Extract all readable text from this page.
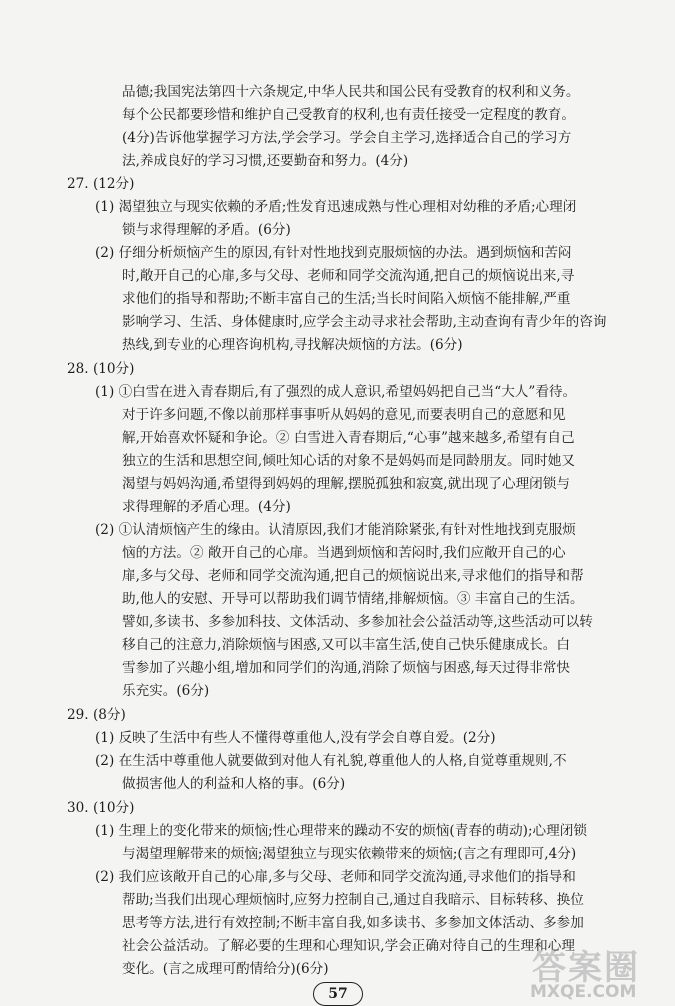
品德;我国宪法第四十六条规定,中华人民共和国公民有受教育的权利和义务。
每个公民都要珍惜和维护自己受教育的权利,也有责任接受一定程度的教育。
(4分)告诉他掌握学习方法,学会学习。学会自主学习,选择适合自己的学习方
法,养成良好的学习习惯,还要勤奋和努力。(4分)
27. (12分)
(1) 渴望独立与现实依赖的矛盾;性发育迅速成熟与性心理相对幼稚的矛盾;心理闭
锁与求得理解的矛盾。(6分)
(2) 仔细分析烦恼产生的原因,有针对性地找到克服烦恼的办法。遇到烦恼和苦闷
时,敞开自己的心扉,多与父母、老师和同学交流沟通,把自己的烦恼说出来,寻
求他们的指导和帮助;不断丰富自己的生活;当长时间陷入烦恼不能排解,严重
影响学习、生活、身体健康时,应学会主动寻求社会帮助,主动查询有青少年的咨询
热线,到专业的心理咨询机构,寻找解决烦恼的方法。(6分)
28. (10分)
(1) ①白雪在进入青春期后,有了强烈的成人意识,希望妈妈把自己当“大人”看待。
对于许多问题,不像以前那样事事听从妈妈的意见,而要表明自己的意愿和见
解,开始喜欢怀疑和争论。② 白雪进入青春期后,“心事”越来越多,希望有自己
独立的生活和思想空间,倾吐知心话的对象不是妈妈而是同龄朋友。同时她又
渴望与妈妈沟通,希望得到妈妈的理解,摆脱孤独和寂寞,就出现了心理闭锁与
求得理解的矛盾心理。(4分)
(2) ①认清烦恼产生的缘由。认清原因,我们才能消除紧张,有针对性地找到克服烦
恼的方法。② 敞开自己的心扉。当遇到烦恼和苦闷时,我们应敞开自己的心
扉,多与父母、老师和同学交流沟通,把自己的烦恼说出来,寻求他们的指导和帮
助,他人的安慰、开导可以帮助我们调节情绪,排解烦恼。③ 丰富自己的生活。
譬如,多读书、多参加科技、文体活动、多参加社会公益活动等,这些活动可以转
移自己的注意力,消除烦恼与困惑,又可以丰富生活,使自己快乐健康成长。白
雪参加了兴趣小组,增加和同学们的沟通,消除了烦恼与困惑,每天过得非常快
乐充实。(6分)
29. (8分)
(1) 反映了生活中有些人不懂得尊重他人,没有学会自尊自爱。(2分)
(2) 在生活中尊重他人就要做到对他人有礼貌,尊重他人的人格,自觉尊重规则,不
做损害他人的利益和人格的事。(6分)
30. (10分)
(1) 生理上的变化带来的烦恼;性心理带来的躁动不安的烦恼(青春的萌动);心理闭锁
与渴望理解带来的烦恼;渴望独立与现实依赖带来的烦恼;(言之有理即可,4分)
(2) 我们应该敞开自己的心扉,多与父母、老师和同学交流沟通,寻求他们的指导和
帮助;当我们出现心理烦恼时,应努力控制自己,通过自我暗示、目标转移、换位
思考等方法,进行有效控制;不断丰富自我,如多读书、多参加文体活动、多参加
社会公益活动。了解必要的生理和心理知识,学会正确对待自己的生理和心理
变化。(言之成理可酌情给分)(6分)
57
答案圈
MXQE.COM
